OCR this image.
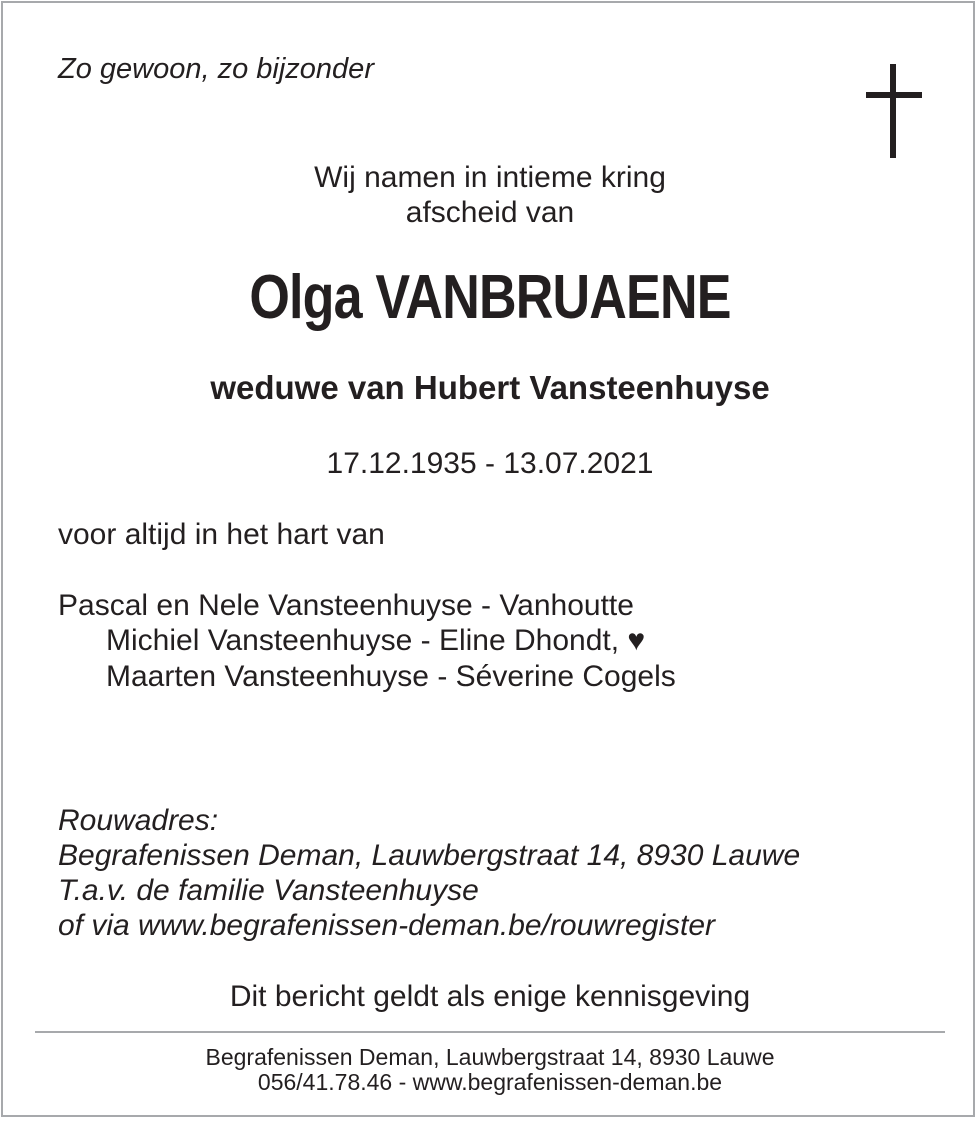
Zo gewoon, zo bijzonder

Wij namen in intieme kring

afscheid van

Olga VANBRUAENE

weduwe van Hubert Vansteenhuyse

17.12.1935 - 13.07.2021

voor altijd in het hart van

Pascal en Nele Vansteenhuyse - Vanhoutte

Michiel Vansteenhuyse - Eline Dhondt, ♥

Maarten Vansteenhuyse - Séverine Cogels

Rouwadres:

Begrafenissen Deman, Lauwbergstraat 14, 8930 Lauwe

T.a.v. de familie Vansteenhuyse

of via www.begrafenissen-deman.be/rouwregister

Dit bericht geldt als enige kennisgeving

Begrafenissen Deman, Lauwbergstraat 14, 8930 Lauwe

056/41.78.46 - www.begrafenissen-deman.be
